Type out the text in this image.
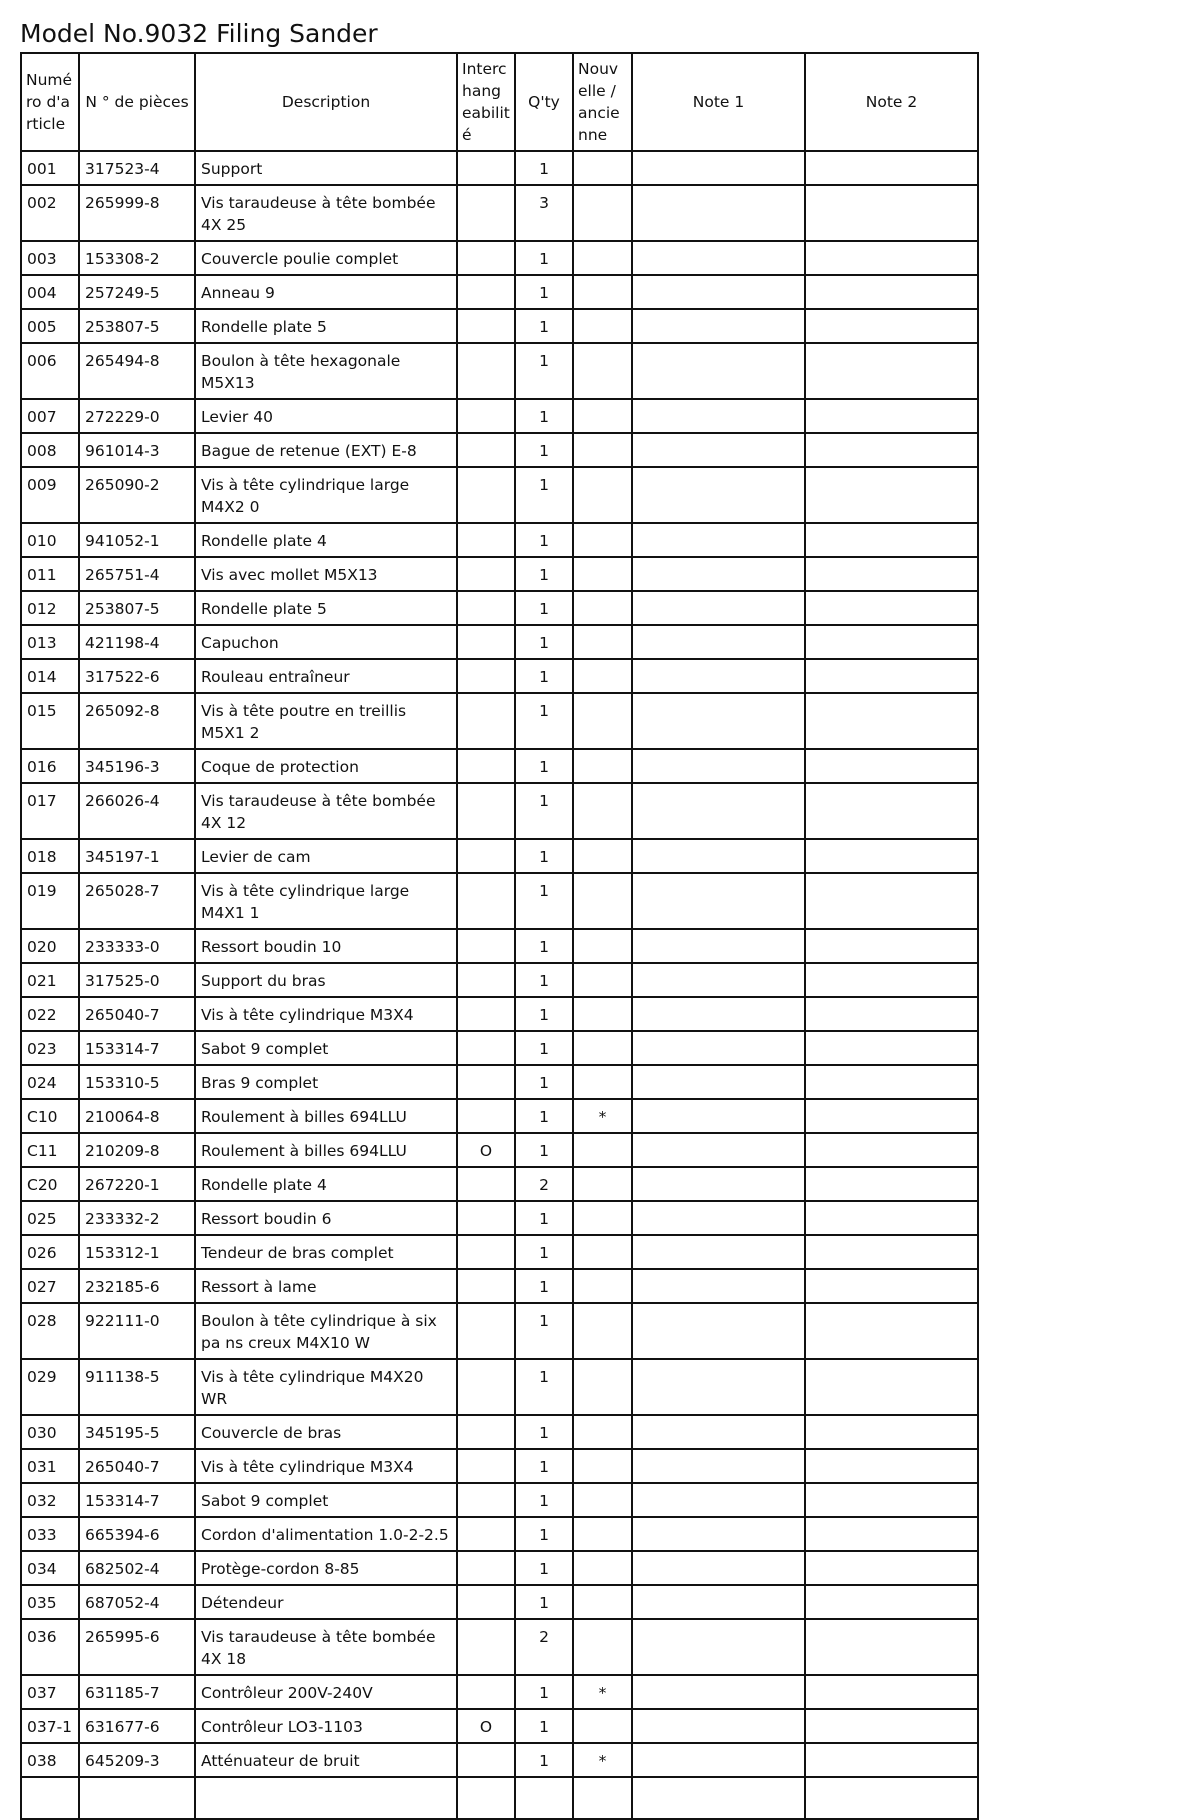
Model No.9032 Filing Sander
Numé ro d'a rticle	N ° de pièces	Description	Interc hang eabilit é	Q'ty	Nouv elle / ancie nne	Note 1	Note 2
001	317523-4	Support		1			
002	265999-8	Vis taraudeuse à tête bombée 4X 25		3			
003	153308-2	Couvercle poulie complet		1			
004	257249-5	Anneau 9		1			
005	253807-5	Rondelle plate 5		1			
006	265494-8	Boulon à tête hexagonale M5X13		1			
007	272229-0	Levier 40		1			
008	961014-3	Bague de retenue (EXT) E-8		1			
009	265090-2	Vis à tête cylindrique large M4X2 0		1			
010	941052-1	Rondelle plate 4		1			
011	265751-4	Vis avec mollet M5X13		1			
012	253807-5	Rondelle plate 5		1			
013	421198-4	Capuchon		1			
014	317522-6	Rouleau entraîneur		1			
015	265092-8	Vis à tête poutre en treillis M5X1 2		1			
016	345196-3	Coque de protection		1			
017	266026-4	Vis taraudeuse à tête bombée 4X 12		1			
018	345197-1	Levier de cam		1			
019	265028-7	Vis à tête cylindrique large M4X1 1		1			
020	233333-0	Ressort boudin 10		1			
021	317525-0	Support du bras		1			
022	265040-7	Vis à tête cylindrique M3X4		1			
023	153314-7	Sabot 9 complet		1			
024	153310-5	Bras 9 complet		1			
C10	210064-8	Roulement à billes 694LLU		1	*		
C11	210209-8	Roulement à billes 694LLU	O	1			
C20	267220-1	Rondelle plate 4		2			
025	233332-2	Ressort boudin 6		1			
026	153312-1	Tendeur de bras complet		1			
027	232185-6	Ressort à lame		1			
028	922111-0	Boulon à tête cylindrique à six pa ns creux M4X10 W		1			
029	911138-5	Vis à tête cylindrique M4X20 WR		1			
030	345195-5	Couvercle de bras		1			
031	265040-7	Vis à tête cylindrique M3X4		1			
032	153314-7	Sabot 9 complet		1			
033	665394-6	Cordon d'alimentation 1.0-2-2.5		1			
034	682502-4	Protège-cordon 8-85		1			
035	687052-4	Détendeur		1			
036	265995-6	Vis taraudeuse à tête bombée 4X 18		2			
037	631185-7	Contrôleur 200V-240V		1	*		
037-1	631677-6	Contrôleur LO3-1103	O	1			
038	645209-3	Atténuateur de bruit		1	*		
